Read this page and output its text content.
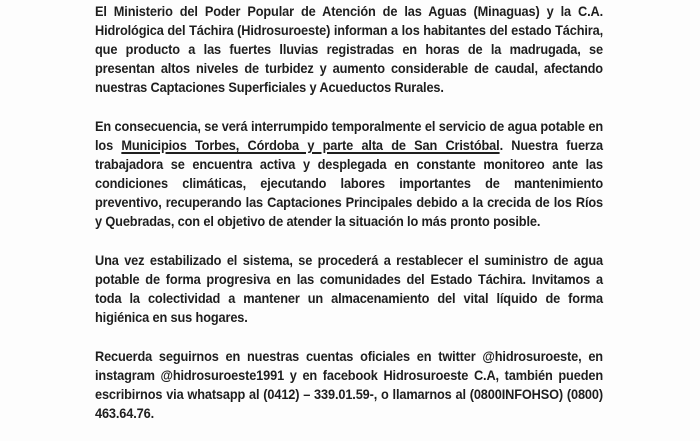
El Ministerio del Poder Popular de Atención de las Aguas (Minaguas) y la C.A. Hidrológica del Táchira (Hidrosuroeste) informan a los habitantes del estado Táchira, que producto a las fuertes lluvias registradas en horas de la madrugada, se presentan altos niveles de turbidez y aumento considerable de caudal, afectando nuestras Captaciones Superficiales y Acueductos Rurales.

En consecuencia, se verá interrumpido temporalmente el servicio de agua potable en los Municipios Torbes, Córdoba y parte alta de San Cristóbal. Nuestra fuerza trabajadora se encuentra activa y desplegada en constante monitoreo ante las condiciones climáticas, ejecutando labores importantes de mantenimiento preventivo, recuperando las Captaciones Principales debido a la crecida de los Ríos y Quebradas, con el objetivo de atender la situación lo más pronto posible.

Una vez estabilizado el sistema, se procederá a restablecer el suministro de agua potable de forma progresiva en las comunidades del Estado Táchira. Invitamos a toda la colectividad a mantener un almacenamiento del vital líquido de forma higiénica en sus hogares.

Recuerda seguirnos en nuestras cuentas oficiales en twitter @hidrosuroeste, en instagram @hidrosuroeste1991 y en facebook Hidrosuroeste C.A, también pueden escribirnos via whatsapp al (0412) – 339.01.59-, o llamarnos al (0800INFOHSO) (0800) 463.64.76.
